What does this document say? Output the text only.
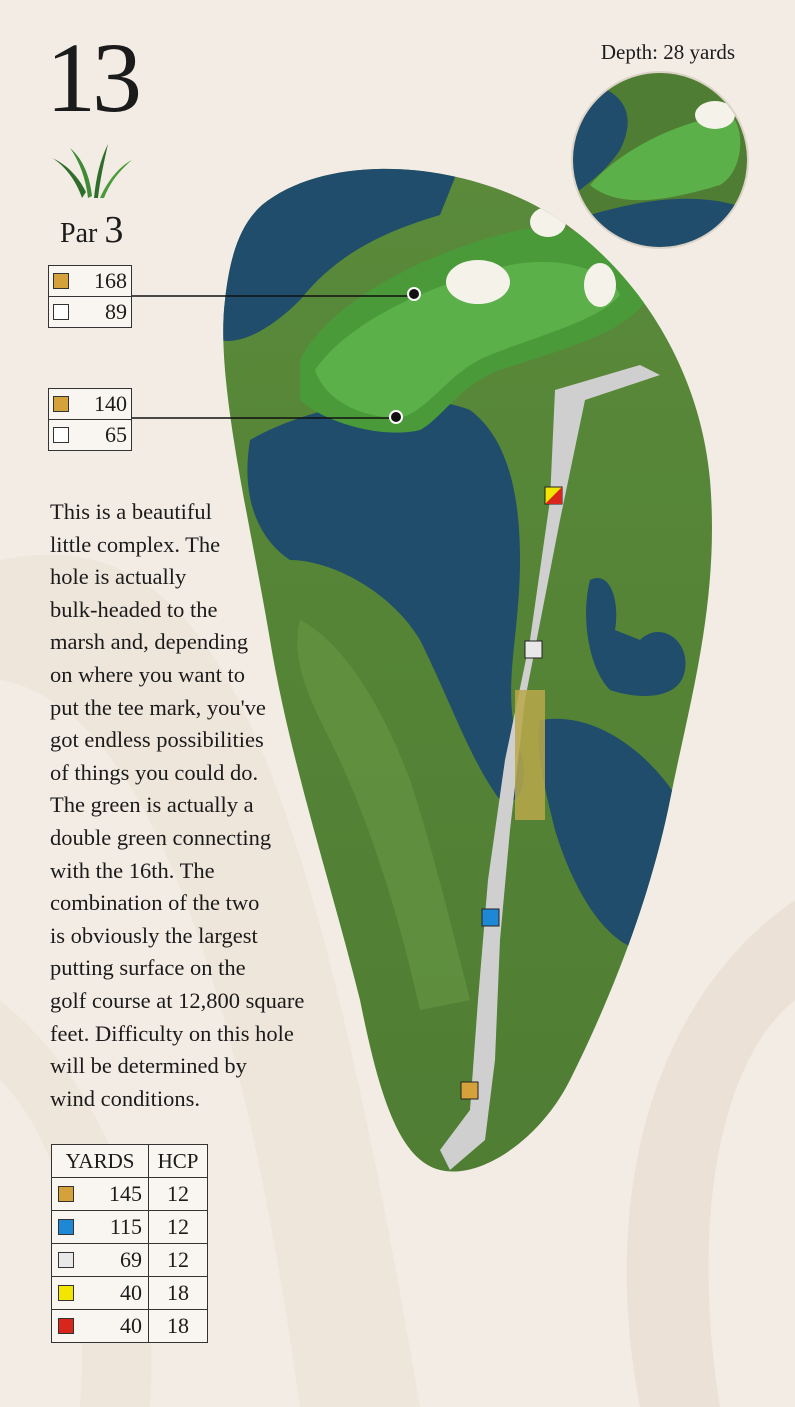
13
Par 3
Depth: 28 yards
168
89
140
65
This is a beautiful
little complex. The
hole is actually
bulk-headed to the
marsh and, depending
on where you want to
put the tee mark, you've
got endless possibilities
of things you could do.
The green is actually a
double green connecting
with the 16th. The
combination of the two
is obviously the largest
putting surface on the
golf course at 12,800 square
feet. Difficulty on this hole
will be determined by
wind conditions.
YARDS	HCP

145	12

115	12

69	12

40	18

40	18
